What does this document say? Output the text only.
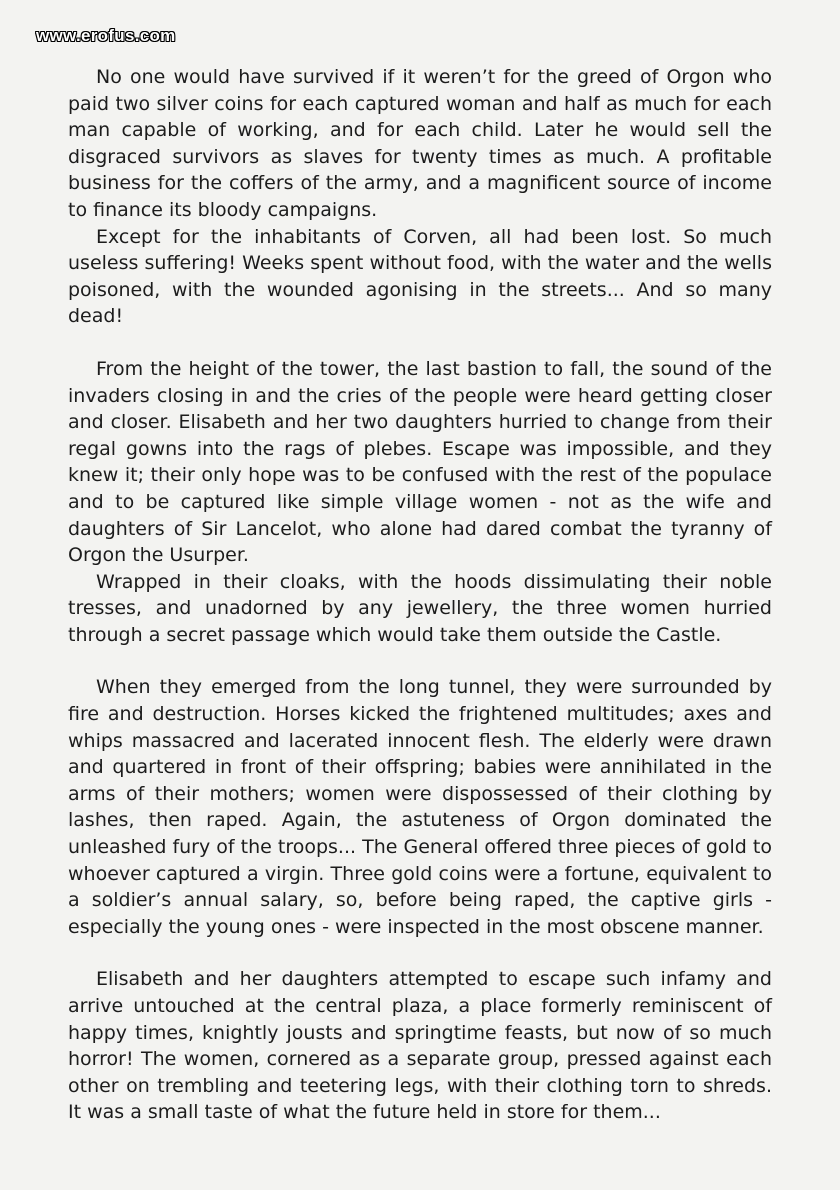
www.erofus.com

No one would have survived if it weren’t for the greed of Orgon who paid two silver coins for each captured woman and half as much for each man capable of working, and for each child. Later he would sell the disgraced survivors as slaves for twenty times as much. A profitable business for the coffers of the army, and a magnificent source of income to finance its bloody campaigns.

Except for the inhabitants of Corven, all had been lost. So much useless suffering! Weeks spent without food, with the water and the wells poisoned, with the wounded agonising in the streets... And so many dead!

From the height of the tower, the last bastion to fall, the sound of the invaders closing in and the cries of the people were heard getting closer and closer. Elisabeth and her two daughters hurried to change from their regal gowns into the rags of plebes. Escape was impossible, and they knew it; their only hope was to be confused with the rest of the populace and to be captured like simple village women - not as the wife and daughters of Sir Lancelot, who alone had dared combat the tyranny of Orgon the Usurper.

Wrapped in their cloaks, with the hoods dissimulating their noble tresses, and unadorned by any jewellery, the three women hurried through a secret passage which would take them outside the Castle.

When they emerged from the long tunnel, they were surrounded by fire and destruction. Horses kicked the frightened multitudes; axes and whips massacred and lacerated innocent flesh. The elderly were drawn and quartered in front of their offspring; babies were annihilated in the arms of their mothers; women were dispossessed of their clothing by lashes, then raped. Again, the astuteness of Orgon dominated the unleashed fury of the troops... The General offered three pieces of gold to whoever captured a virgin. Three gold coins were a fortune, equivalent to a soldier’s annual salary, so, before being raped, the captive girls - especially the young ones - were inspected in the most obscene manner.

Elisabeth and her daughters attempted to escape such infamy and arrive untouched at the central plaza, a place formerly reminiscent of happy times, knightly jousts and springtime feasts, but now of so much horror! The women, cornered as a separate group, pressed against each other on trembling and teetering legs, with their clothing torn to shreds. It was a small taste of what the future held in store for them...
